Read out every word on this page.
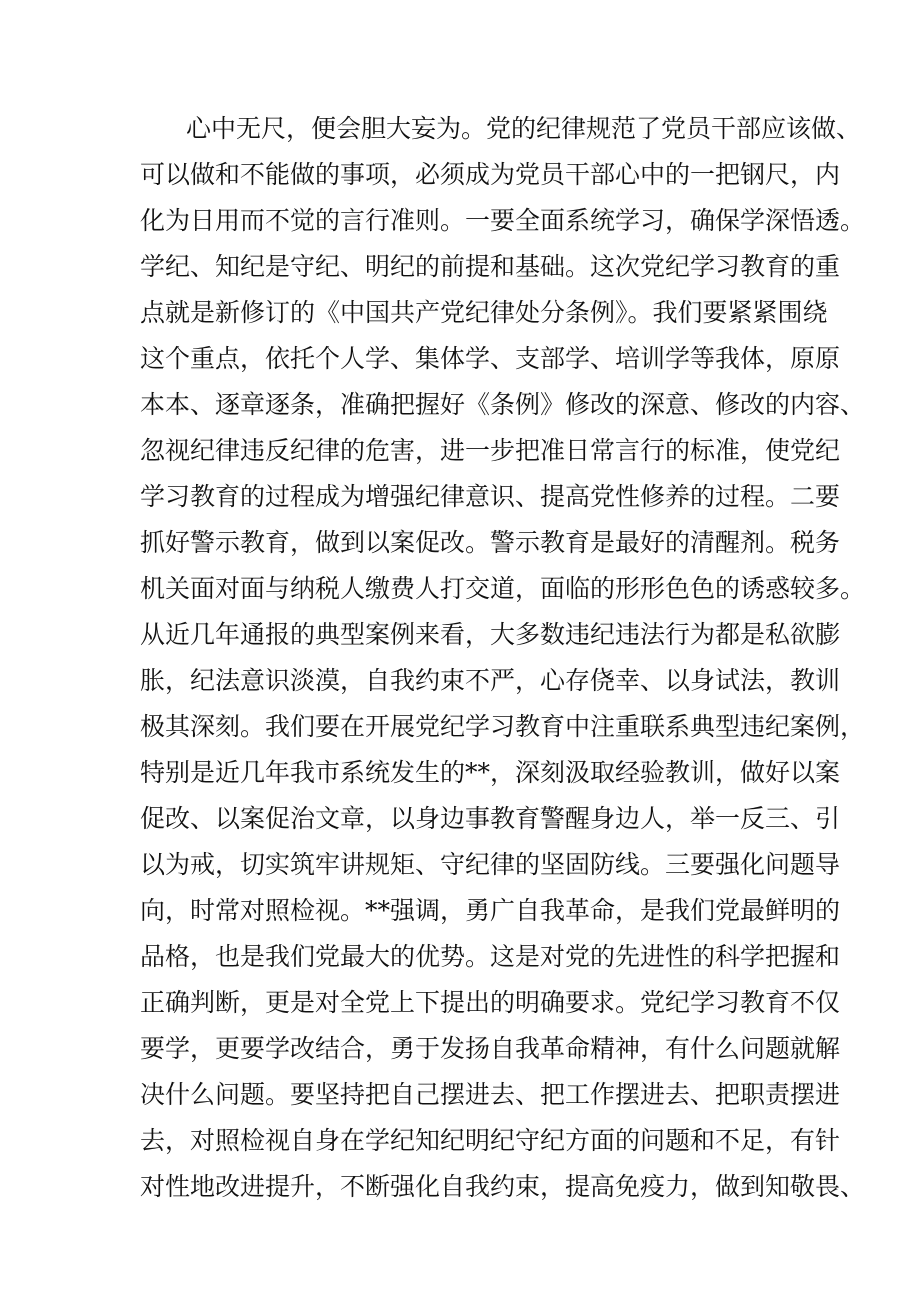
心中无尺，便会胆大妄为。党的纪律规范了党员干部应该做、
可以做和不能做的事项，必须成为党员干部心中的一把钢尺，内
化为日用而不觉的言行准则。一要全面系统学习，确保学深悟透。
学纪、知纪是守纪、明纪的前提和基础。这次党纪学习教育的重
点就是新修订的《中国共产党纪律处分条例》。我们要紧紧围绕
这个重点，依托个人学、集体学、支部学、培训学等我体，原原
本本、逐章逐条，准确把握好《条例》修改的深意、修改的内容、
忽视纪律违反纪律的危害，进一步把准日常言行的标准，使党纪
学习教育的过程成为增强纪律意识、提高党性修养的过程。二要
抓好警示教育，做到以案促改。警示教育是最好的清醒剂。税务
机关面对面与纳税人缴费人打交道，面临的形形色色的诱惑较多。
从近几年通报的典型案例来看，大多数违纪违法行为都是私欲膨
胀，纪法意识淡漠，自我约束不严，心存侥幸、以身试法，教训
极其深刻。我们要在开展党纪学习教育中注重联系典型违纪案例，
特别是近几年我市系统发生的**，深刻汲取经验教训，做好以案
促改、以案促治文章，以身边事教育警醒身边人，举一反三、引
以为戒，切实筑牢讲规矩、守纪律的坚固防线。三要强化问题导
向，时常对照检视。**强调，勇广自我革命，是我们党最鲜明的
品格，也是我们党最大的优势。这是对党的先进性的科学把握和
正确判断，更是对全党上下提出的明确要求。党纪学习教育不仅
要学，更要学改结合，勇于发扬自我革命精神，有什么问题就解
决什么问题。要坚持把自己摆进去、把工作摆进去、把职责摆进
去，对照检视自身在学纪知纪明纪守纪方面的问题和不足，有针
对性地改进提升，不断强化自我约束，提高免疫力，做到知敬畏、
